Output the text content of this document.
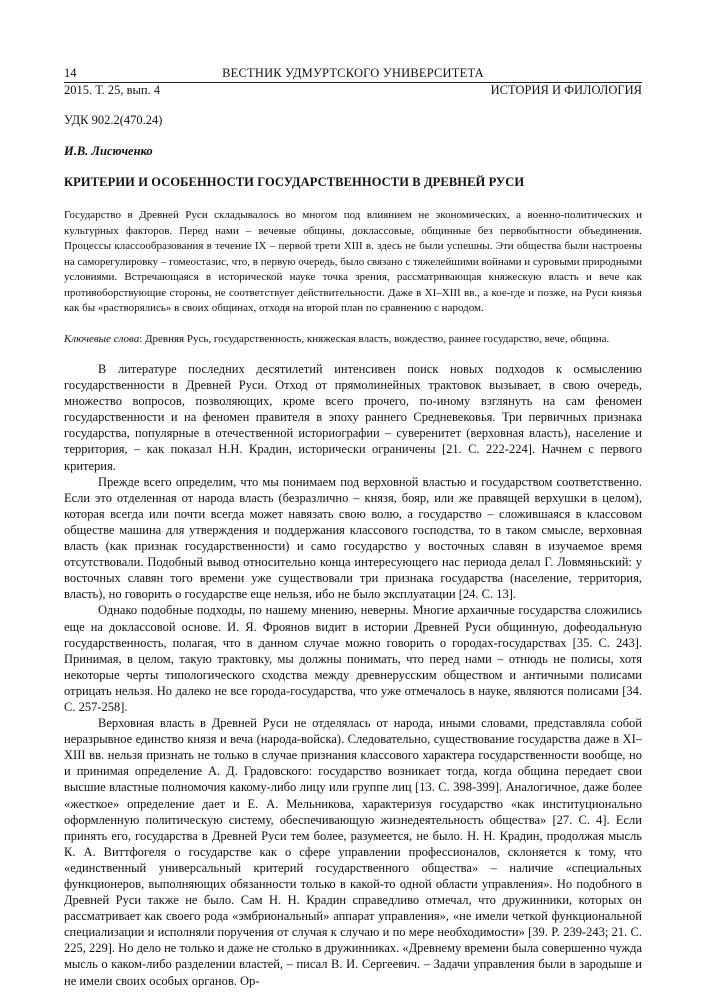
14	ВЕСТНИК УДМУРТСКОГО УНИВЕРСИТЕТА
2015. Т. 25, вып. 4	ИСТОРИЯ И ФИЛОЛОГИЯ
УДК 902.2(470.24)
И.В. Лисюченко
КРИТЕРИИ И ОСОБЕННОСТИ ГОСУДАРСТВЕННОСТИ В ДРЕВНЕЙ РУСИ
Государство в Древней Руси складывалось во многом под влиянием не экономических, а военно-политических и культурных факторов. Перед нами – вечевые общины, доклассовые, общинные без первобытности объединения. Процессы классообразования в течение IX – первой трети XIII в. здесь не были успешны. Эти общества были настроены на саморегулировку – гомеостазис, что, в первую очередь, было связано с тяжелейшими войнами и суровыми природными условиями. Встречающаяся в исторической науке точка зрения, рассматривающая княжескую власть и вече как противоборствующие стороны, не соответствует действительности. Даже в XI–XIII вв., а кое-где и позже, на Руси князья как бы «растворялись» в своих общинах, отходя на второй план по сравнению с народом.
Ключевые слова: Древняя Русь, государственность, княжеская власть, вождество, раннее государство, вече, община.

В литературе последних десятилетий интенсивен поиск новых подходов к осмыслению государственности в Древней Руси. Отход от прямолинейных трактовок вызывает, в свою очередь, множество вопросов, позволяющих, кроме всего прочего, по-иному взглянуть на сам феномен государственности и на феномен правителя в эпоху раннего Средневековья. Три первичных признака государства, популярные в отечественной историографии – суверенитет (верховная власть), население и территория, – как показал Н.Н. Крадин, исторически ограничены [21. С. 222-224]. Начнем с первого критерия.

Прежде всего определим, что мы понимаем под верховной властью и государством соответственно. Если это отделенная от народа власть (безразлично – князя, бояр, или же правящей верхушки в целом), которая всегда или почти всегда может навязать свою волю, а государство – сложившаяся в классовом обществе машина для утверждения и поддержания классового господства, то в таком смысле, верховная власть (как признак государственности) и само государство у восточных славян в изучаемое время отсутствовали. Подобный вывод относительно конца интересующего нас периода делал Г. Ловмяньский: у восточных славян того времени уже существовали три признака государства (население, территория, власть), но говорить о государстве еще нельзя, ибо не было эксплуатации [24. С. 13].

Однако подобные подходы, по нашему мнению, неверны. Многие архаичные государства сложились еще на доклассовой основе. И. Я. Фроянов видит в истории Древней Руси общинную, дофеодальную государственность, полагая, что в данном случае можно говорить о городах-государствах [35. С. 243]. Принимая, в целом, такую трактовку, мы должны понимать, что перед нами – отнюдь не полисы, хотя некоторые черты типологического сходства между древнерусским обществом и античными полисами отрицать нельзя. Но далеко не все города-государства, что уже отмечалось в науке, являются полисами [34. С. 257-258].

Верховная власть в Древней Руси не отделялась от народа, иными словами, представляла собой неразрывное единство князя и веча (народа-войска). Следовательно, существование государства даже в XI–XIII вв. нельзя признать не только в случае признания классового характера государственности вообще, но и принимая определение А. Д. Градовского: государство возникает тогда, когда община передает свои высшие властные полномочия какому-либо лицу или группе лиц [13. С. 398-399]. Аналогичное, даже более «жесткое» определение дает и Е. А. Мельникова, характеризуя государство «как институционально оформленную политическую систему, обеспечивающую жизнедеятельность общества» [27. С. 4]. Если принять его, государства в Древней Руси тем более, разумеется, не было. Н. Н. Крадин, продолжая мысль К. А. Виттфогеля о государстве как о сфере управлении профессионалов, склоняется к тому, что «единственный универсальный критерий государственного общества» – наличие «специальных функционеров, выполняющих обязанности только в какой-то одной области управления». Но подобного в Древней Руси также не было. Сам Н. Н. Крадин справедливо отмечал, что дружинники, которых он рассматривает как своего рода «эмбриональный» аппарат управления», «не имели четкой функциональной специализации и исполняли поручения от случая к случаю и по мере необходимости» [39. P. 239-243; 21. С. 225, 229]. Но дело не только и даже не столько в дружинниках. «Древнему времени была совершенно чужда мысль о каком-либо разделении властей, – писал В. И. Сергеевич. – Задачи управления были в зародыше и не имели своих особых органов. Ор-
